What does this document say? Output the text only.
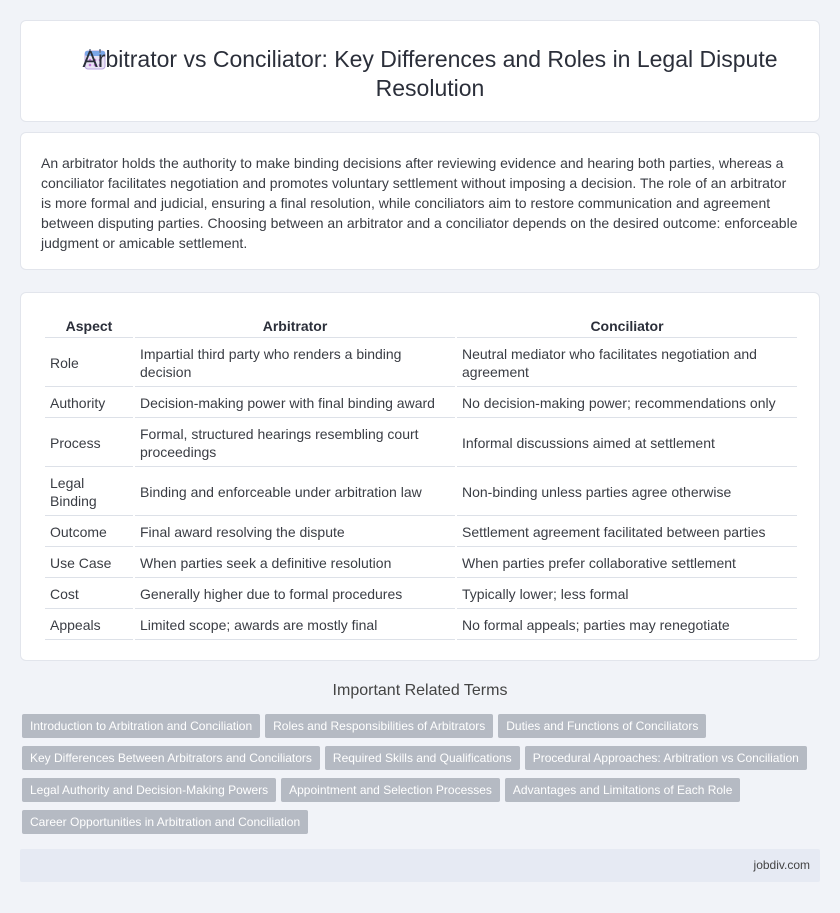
Arbitrator vs Conciliator: Key Differences and Roles in Legal Dispute Resolution

An arbitrator holds the authority to make binding decisions after reviewing evidence and hearing both parties, whereas a conciliator facilitates negotiation and promotes voluntary settlement without imposing a decision. The role of an arbitrator is more formal and judicial, ensuring a final resolution, while conciliators aim to restore communication and agreement between disputing parties. Choosing between an arbitrator and a conciliator depends on the desired outcome: enforceable judgment or amicable settlement.

Aspect	Arbitrator	Conciliator
Role	Impartial third party who renders a binding decision	Neutral mediator who facilitates negotiation and agreement
Authority	Decision-making power with final binding award	No decision-making power; recommendations only
Process	Formal, structured hearings resembling court proceedings	Informal discussions aimed at settlement
Legal Binding	Binding and enforceable under arbitration law	Non-binding unless parties agree otherwise
Outcome	Final award resolving the dispute	Settlement agreement facilitated between parties
Use Case	When parties seek a definitive resolution	When parties prefer collaborative settlement
Cost	Generally higher due to formal procedures	Typically lower; less formal
Appeals	Limited scope; awards are mostly final	No formal appeals; parties may renegotiate
Important Related Terms
Introduction to Arbitration and Conciliation Roles and Responsibilities of Arbitrators Duties and Functions of ConciliatorsKey Differences Between Arbitrators and Conciliators Required Skills and Qualifications Procedural Approaches: Arbitration vs ConciliationLegal Authority and Decision-Making Powers Appointment and Selection Processes Advantages and Limitations of Each RoleCareer Opportunities in Arbitration and Conciliation
jobdiv.com
